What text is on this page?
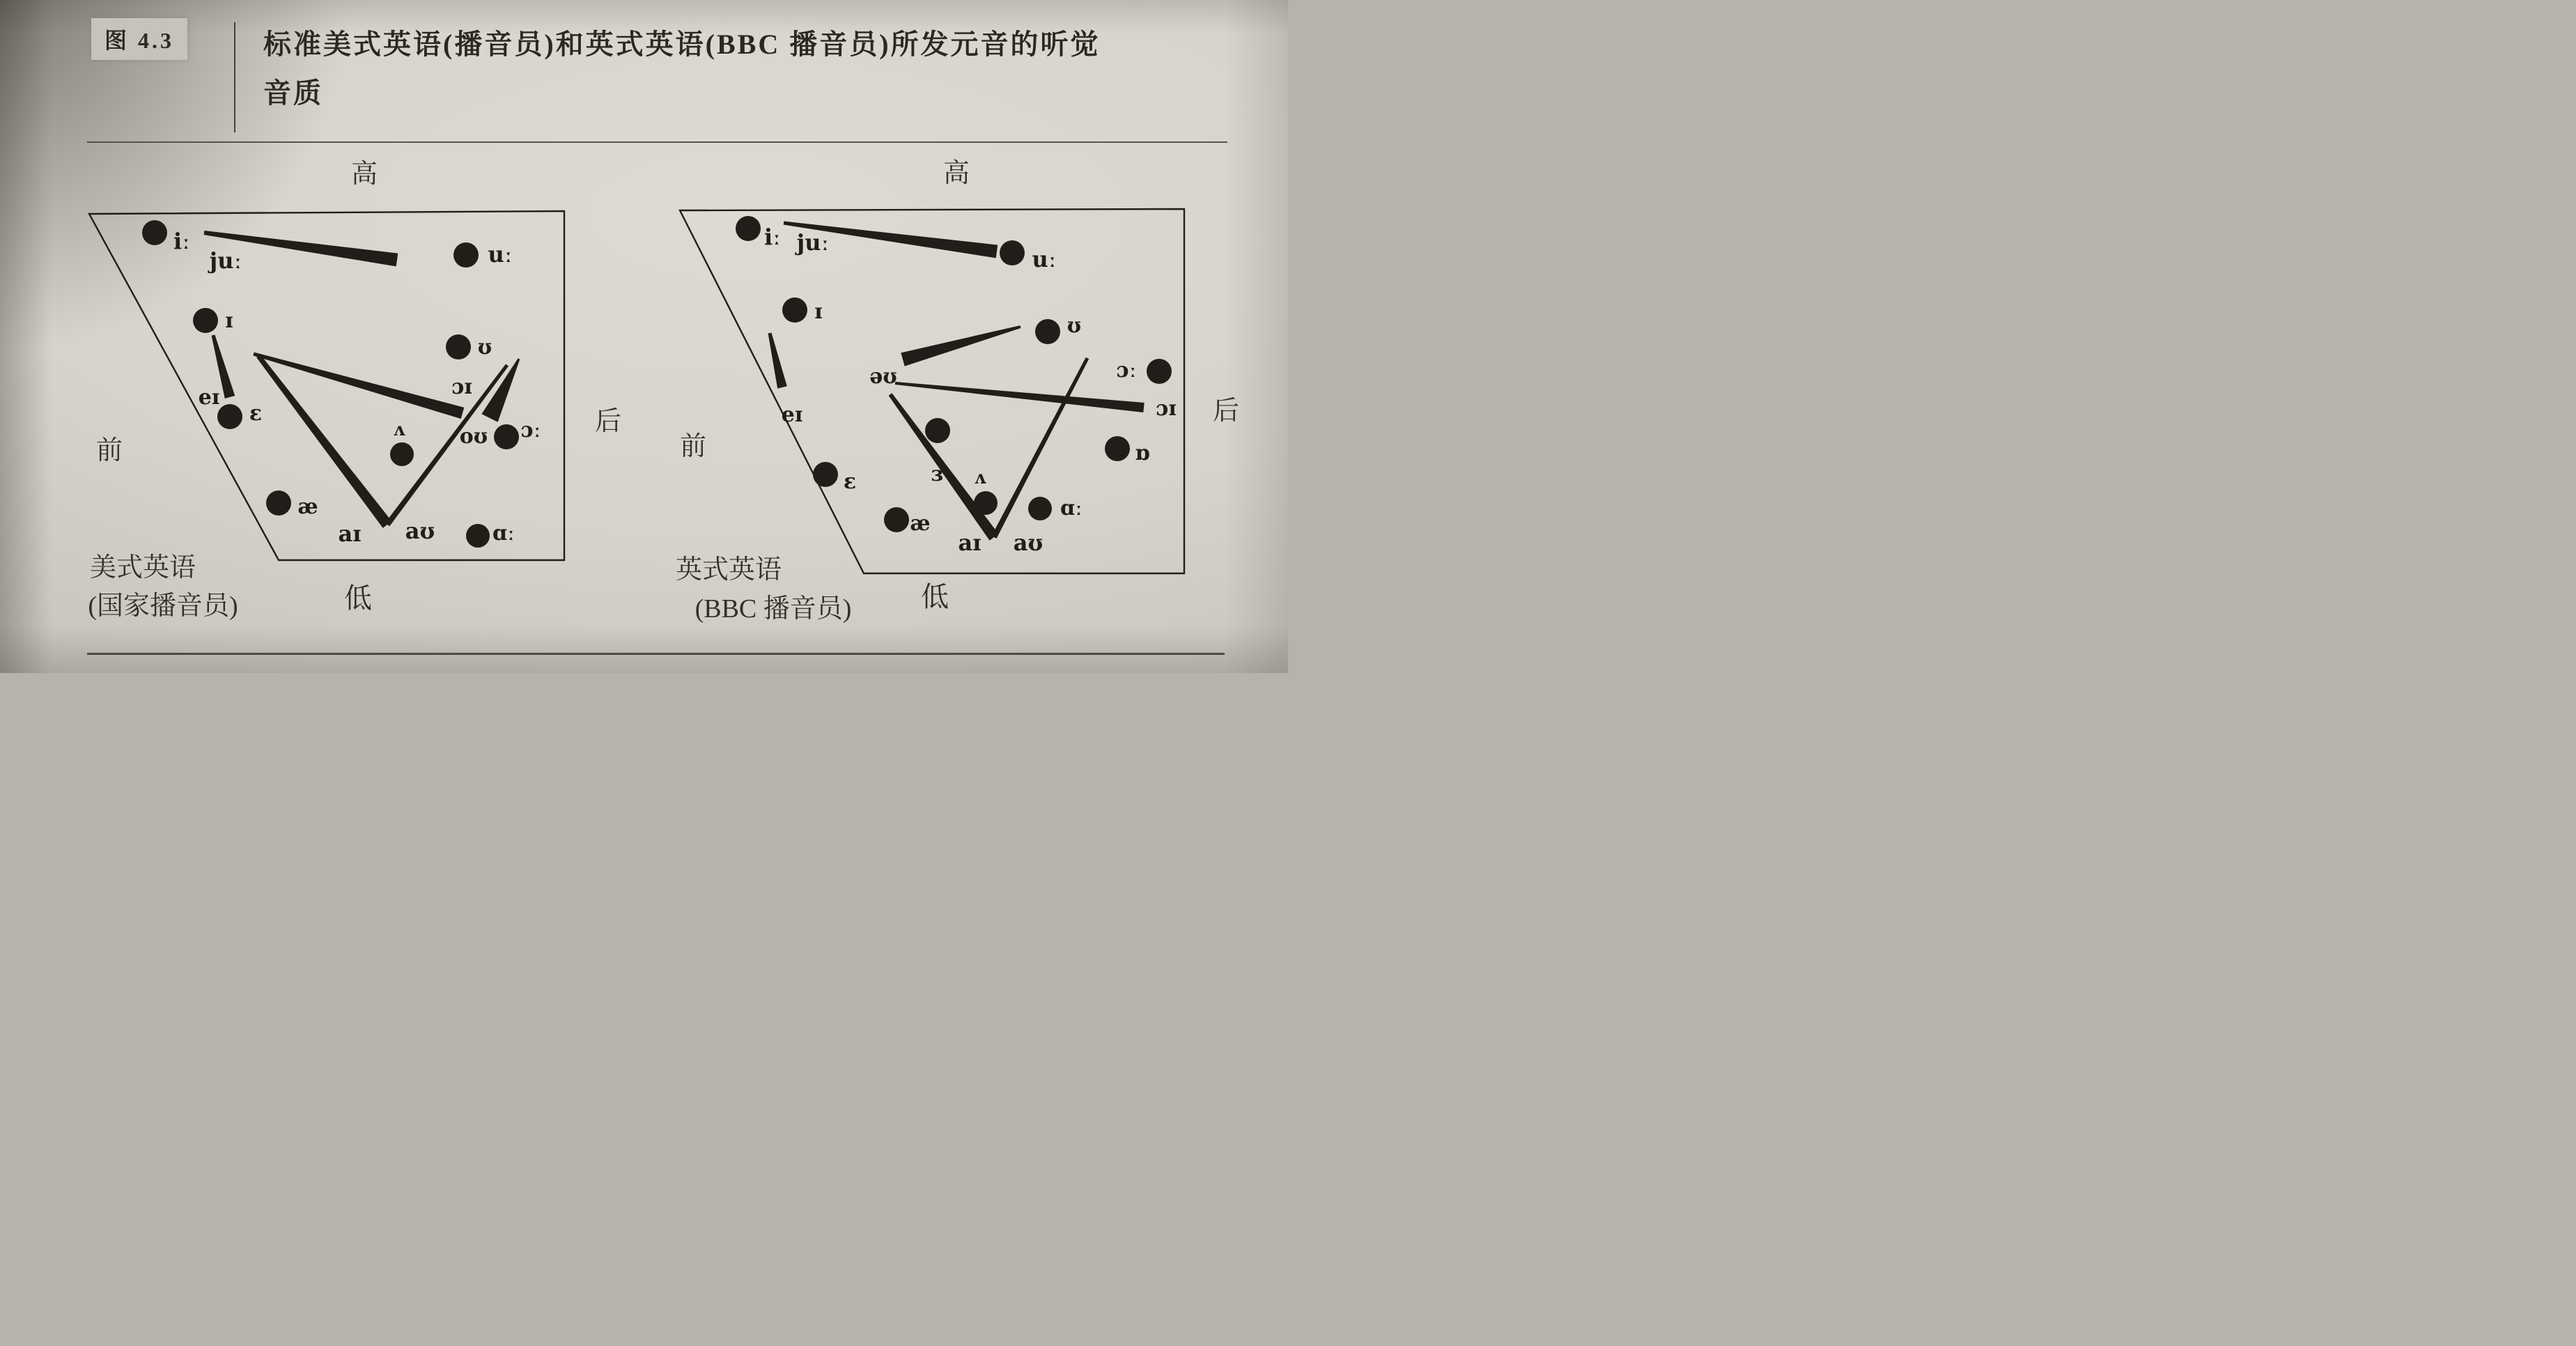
图 4.3	标准美式英语(播音员)和英式英语(BBC 播音员)所发元音的听觉
音质
iː
juː	uː
ɪ
ʊ
eɪ
ɛ
æ
ʌ
ɔɪ
oʊ ɔː
ɑː
aɪ aʊ
高
前
后
低
美式英语
(国家播音员)
iː juː
uː
ɪ
ʊ
eɪ
ɛ
əʊ
ɜ
ɔː
ɔɪ
ɒ
ʌ
ɑː
æ
aɪ aʊ
高
前
后
低
英式英语
(BBC 播音员)
